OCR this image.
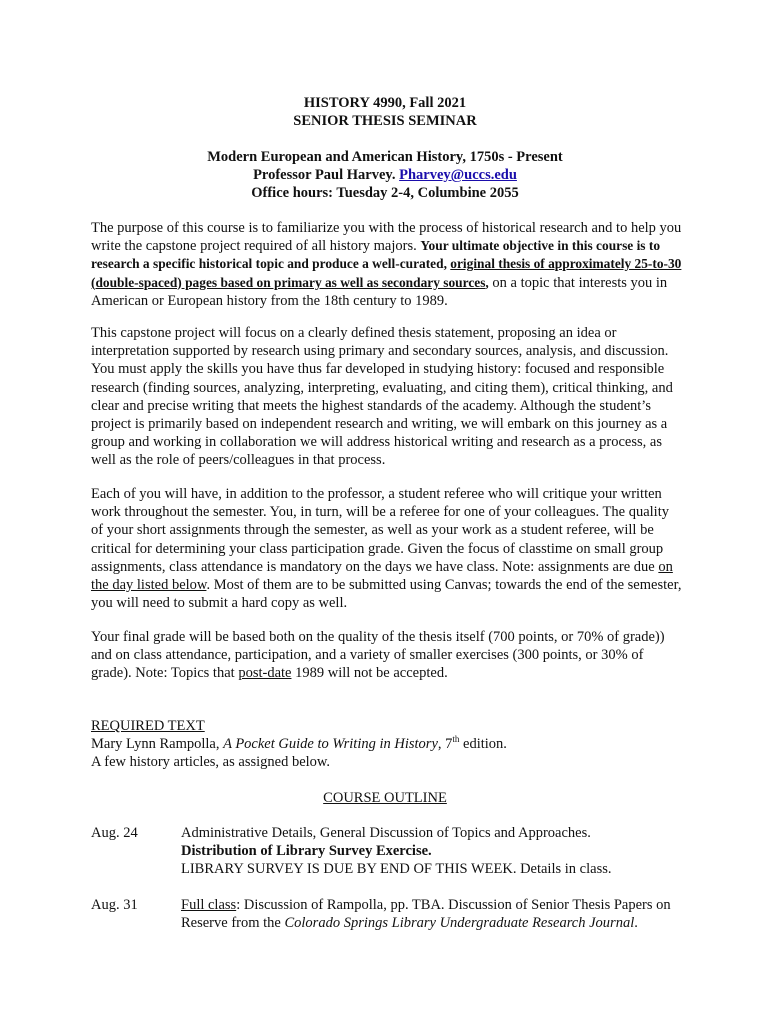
HISTORY 4990, Fall 2021
SENIOR THESIS SEMINAR
Modern European and American History, 1750s - Present
Professor Paul Harvey. Pharvey@uccs.edu
Office hours: Tuesday 2-4, Columbine 2055
The purpose of this course is to familiarize you with the process of historical research and to help you write the capstone project required of all history majors. Your ultimate objective in this course is to research a specific historical topic and produce a well-curated, original thesis of approximately 25-to-30 (double-spaced) pages based on primary as well as secondary sources, on a topic that interests you in American or European history from the 18th century to 1989.
This capstone project will focus on a clearly defined thesis statement, proposing an idea or interpretation supported by research using primary and secondary sources, analysis, and discussion. You must apply the skills you have thus far developed in studying history: focused and responsible research (finding sources, analyzing, interpreting, evaluating, and citing them), critical thinking, and clear and precise writing that meets the highest standards of the academy. Although the student’s project is primarily based on independent research and writing, we will embark on this journey as a group and working in collaboration we will address historical writing and research as a process, as well as the role of peers/colleagues in that process.
Each of you will have, in addition to the professor, a student referee who will critique your written work throughout the semester. You, in turn, will be a referee for one of your colleagues. The quality of your short assignments through the semester, as well as your work as a student referee, will be critical for determining your class participation grade. Given the focus of classtime on small group assignments, class attendance is mandatory on the days we have class. Note: assignments are due on the day listed below. Most of them are to be submitted using Canvas; towards the end of the semester, you will need to submit a hard copy as well.
Your final grade will be based both on the quality of the thesis itself (700 points, or 70% of grade)) and on class attendance, participation, and a variety of smaller exercises (300 points, or 30% of grade). Note: Topics that post-date 1989 will not be accepted.
REQUIRED TEXT
Mary Lynn Rampolla, A Pocket Guide to Writing in History, 7th edition.
A few history articles, as assigned below.
COURSE OUTLINE
Aug. 24	Administrative Details, General Discussion of Topics and Approaches.
Distribution of Library Survey Exercise.
LIBRARY SURVEY IS DUE BY END OF THIS WEEK. Details in class.
Aug. 31	Full class: Discussion of Rampolla, pp. TBA. Discussion of Senior Thesis Papers on Reserve from the Colorado Springs Library Undergraduate Research Journal.
